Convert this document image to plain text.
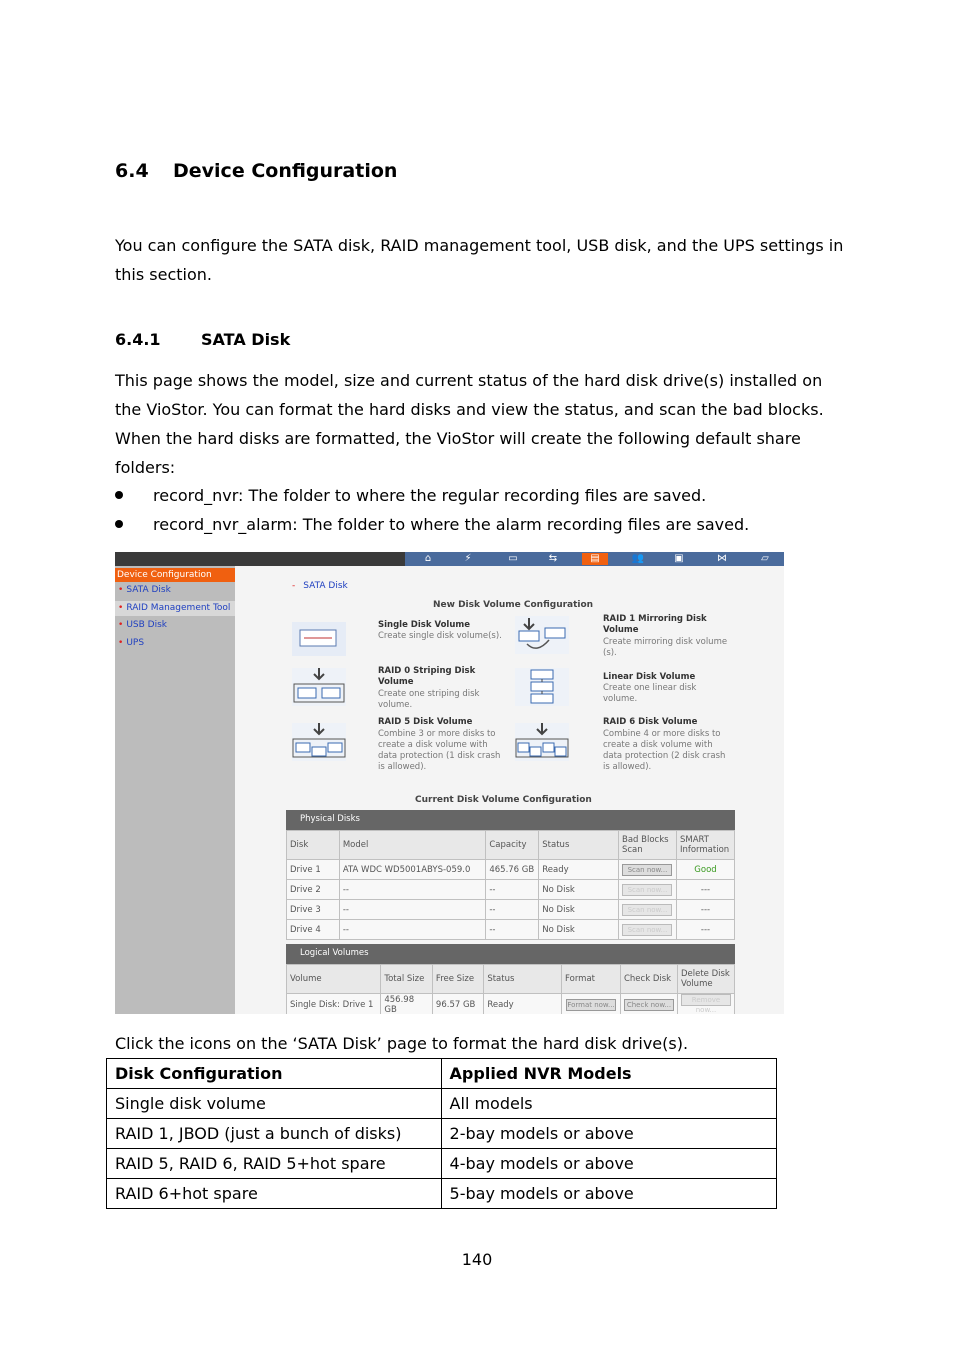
6.4 Device Configuration
You can configure the SATA disk, RAID management tool, USB disk, and the UPS settings in this section.
6.4.1	SATA Disk
This page shows the model, size and current status of the hard disk drive(s) installed on the VioStor. You can format the hard disks and view the status, and scan the bad blocks. When the hard disks are formatted, the VioStor will create the following default share folders:
record_nvr: The folder to where the regular recording files are saved.
record_nvr_alarm: The folder to where the alarm recording files are saved.
⌂	⚡	▭	⇆	▤	👥	▣	⋈	▱
Device Configuration
• SATA Disk
• RAID Management Tool
• USB Disk
• UPS
- SATA Disk
New Disk Volume Configuration
Single Disk Volume
Create single disk volume(s).
RAID 1 Mirroring Disk Volume
Create mirroring disk volume (s).
RAID 0 Striping Disk Volume
Create one striping disk volume.
Linear Disk Volume
Create one linear disk volume.
RAID 5 Disk Volume
Combine 3 or more disks to create a disk volume with data protection (1 disk crash is allowed).
RAID 6 Disk Volume
Combine 4 or more disks to create a disk volume with data protection (2 disk crash is allowed).
Current Disk Volume Configuration
Physical Disks
Disk	Model	Capacity	Status	Bad Blocks Scan	SMART Information
Drive 1	ATA WDC WD5001ABYS-059.0	465.76 GB	Ready	Scan now...	Good
Drive 2	--	--	No Disk	Scan now...	---
Drive 3	--	--	No Disk	Scan now...	---
Drive 4	--	--	No Disk	Scan now...	---
Logical Volumes
Volume	Total Size	Free Size	Status	Format	Check Disk	Delete Disk Volume
Single Disk: Drive 1	456.98 GB	96.57 GB	Ready	Format now...	Check now...	Remove now...
Click the icons on the ‘SATA Disk’ page to format the hard disk drive(s).
Disk Configuration	Applied NVR Models
Single disk volume	All models
RAID 1, JBOD (just a bunch of disks)	2-bay models or above
RAID 5, RAID 6, RAID 5+hot spare	4-bay models or above
RAID 6+hot spare	5-bay models or above
140
